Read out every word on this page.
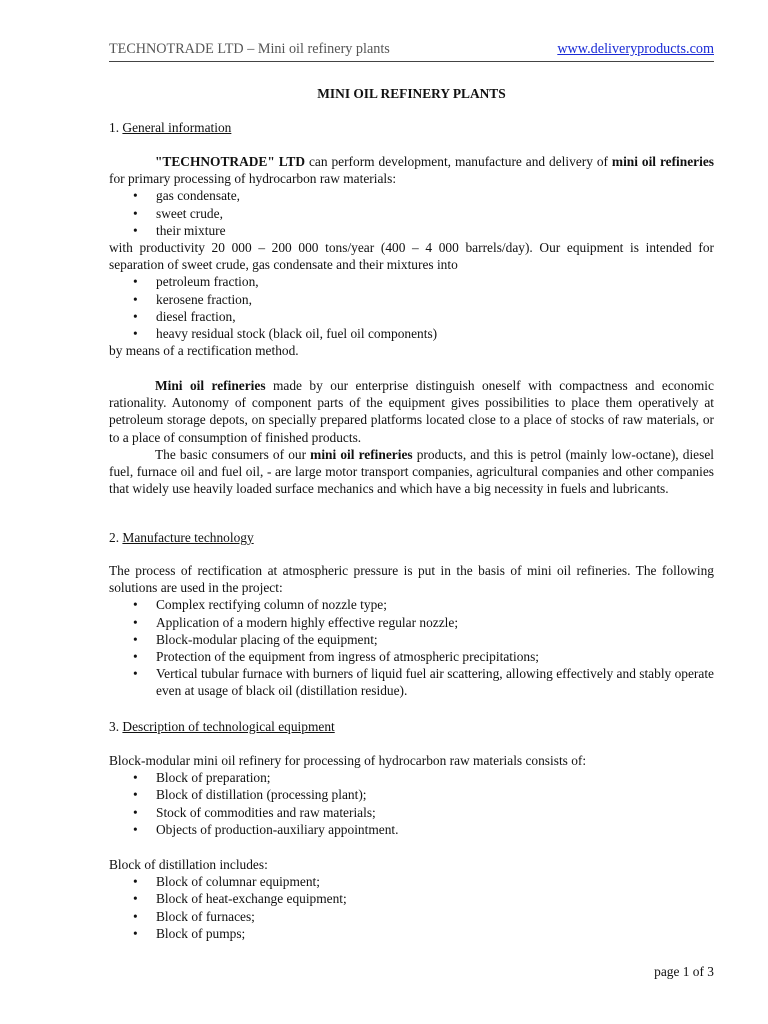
TECHNOTRADE LTD – Mini oil refinery plants	www.deliveryproducts.com
MINI OIL REFINERY PLANTS
1. General information

"TECHNOTRADE" LTD can perform development, manufacture and delivery of mini oil refineries for primary processing of hydrocarbon raw materials:

• gas condensate,
• sweet crude,
• their mixture

with productivity 20 000 – 200 000 tons/year (400 – 4 000 barrels/day). Our equipment is intended for separation of sweet crude, gas condensate and their mixtures into

• petroleum fraction,
• kerosene fraction,
• diesel fraction,
• heavy residual stock (black oil, fuel oil components)

by means of a rectification method.

Mini oil refineries made by our enterprise distinguish oneself with compactness and economic rationality. Autonomy of component parts of the equipment gives possibilities to place them operatively at petroleum storage depots, on specially prepared platforms located close to a place of stocks of raw materials, or to a place of consumption of finished products.

The basic consumers of our mini oil refineries products, and this is petrol (mainly low-octane), diesel fuel, furnace oil and fuel oil, - are large motor transport companies, agricultural companies and other companies that widely use heavily loaded surface mechanics and which have a big necessity in fuels and lubricants.

2. Manufacture technology

The process of rectification at atmospheric pressure is put in the basis of mini oil refineries. The following solutions are used in the project:

• Complex rectifying column of nozzle type;
• Application of a modern highly effective regular nozzle;
• Block-modular placing of the equipment;
• Protection of the equipment from ingress of atmospheric precipitations;
• Vertical tubular furnace with burners of liquid fuel air scattering, allowing effectively and stably operate even at usage of black oil (distillation residue).
3. Description of technological equipment

Block-modular mini oil refinery for processing of hydrocarbon raw materials consists of:

• Block of preparation;
• Block of distillation (processing plant);
• Stock of commodities and raw materials;
• Objects of production-auxiliary appointment.

Block of distillation includes:

• Block of columnar equipment;
• Block of heat-exchange equipment;
• Block of furnaces;
• Block of pumps;
page 1 of 3
